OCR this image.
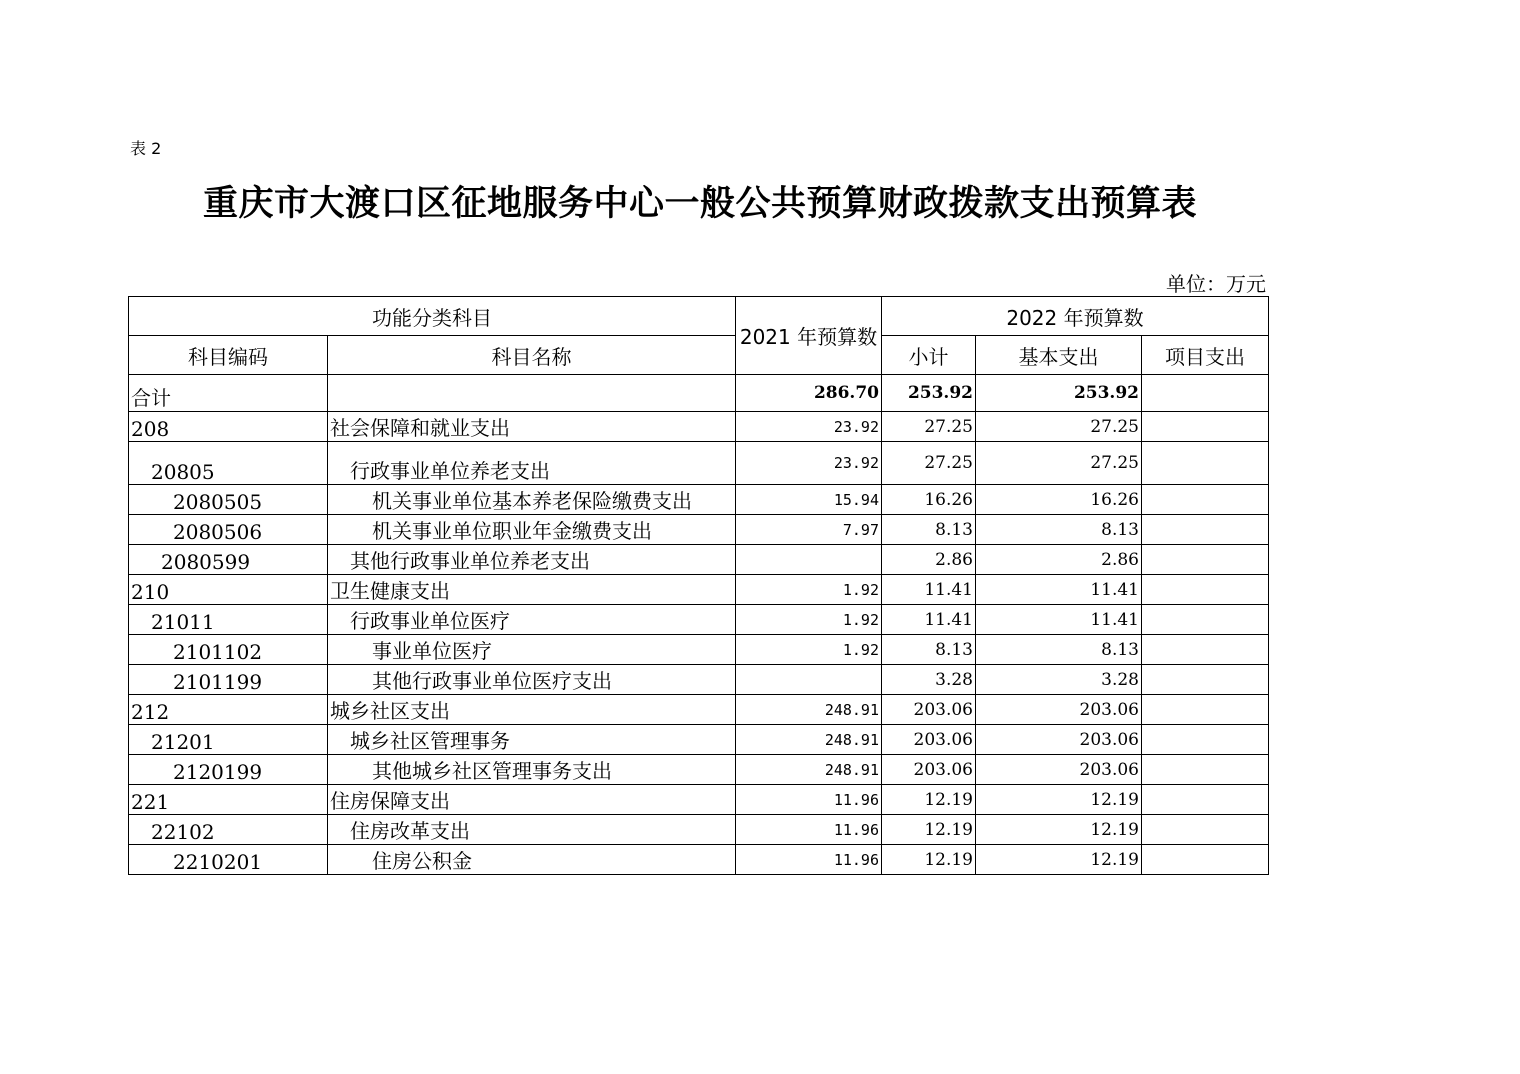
表 2
重庆市大渡口区征地服务中心一般公共预算财政拨款支出预算表
单位：万元
功能分类科目		2021 年预算数	2022 年预算数		
科目编码	科目名称		小计	基本支出	项目支出
合计		286.70	253.92	253.92	
208	社会保障和就业支出	23.92	27.25	27.25	
20805	行政事业单位养老支出	23.92	27.25	27.25	
2080505	机关事业单位基本养老保险缴费支出	15.94	16.26	16.26	
2080506	机关事业单位职业年金缴费支出	7.97	8.13	8.13	
2080599	其他行政事业单位养老支出		2.86	2.86	
210	卫生健康支出	1.92	11.41	11.41	
21011	行政事业单位医疗	1.92	11.41	11.41	
2101102	事业单位医疗	1.92	8.13	8.13	
2101199	其他行政事业单位医疗支出		3.28	3.28	
212	城乡社区支出	248.91	203.06	203.06	
21201	城乡社区管理事务	248.91	203.06	203.06	
2120199	其他城乡社区管理事务支出	248.91	203.06	203.06	
221	住房保障支出	11.96	12.19	12.19	
22102	住房改革支出	11.96	12.19	12.19	
2210201	住房公积金	11.96	12.19	12.19	
